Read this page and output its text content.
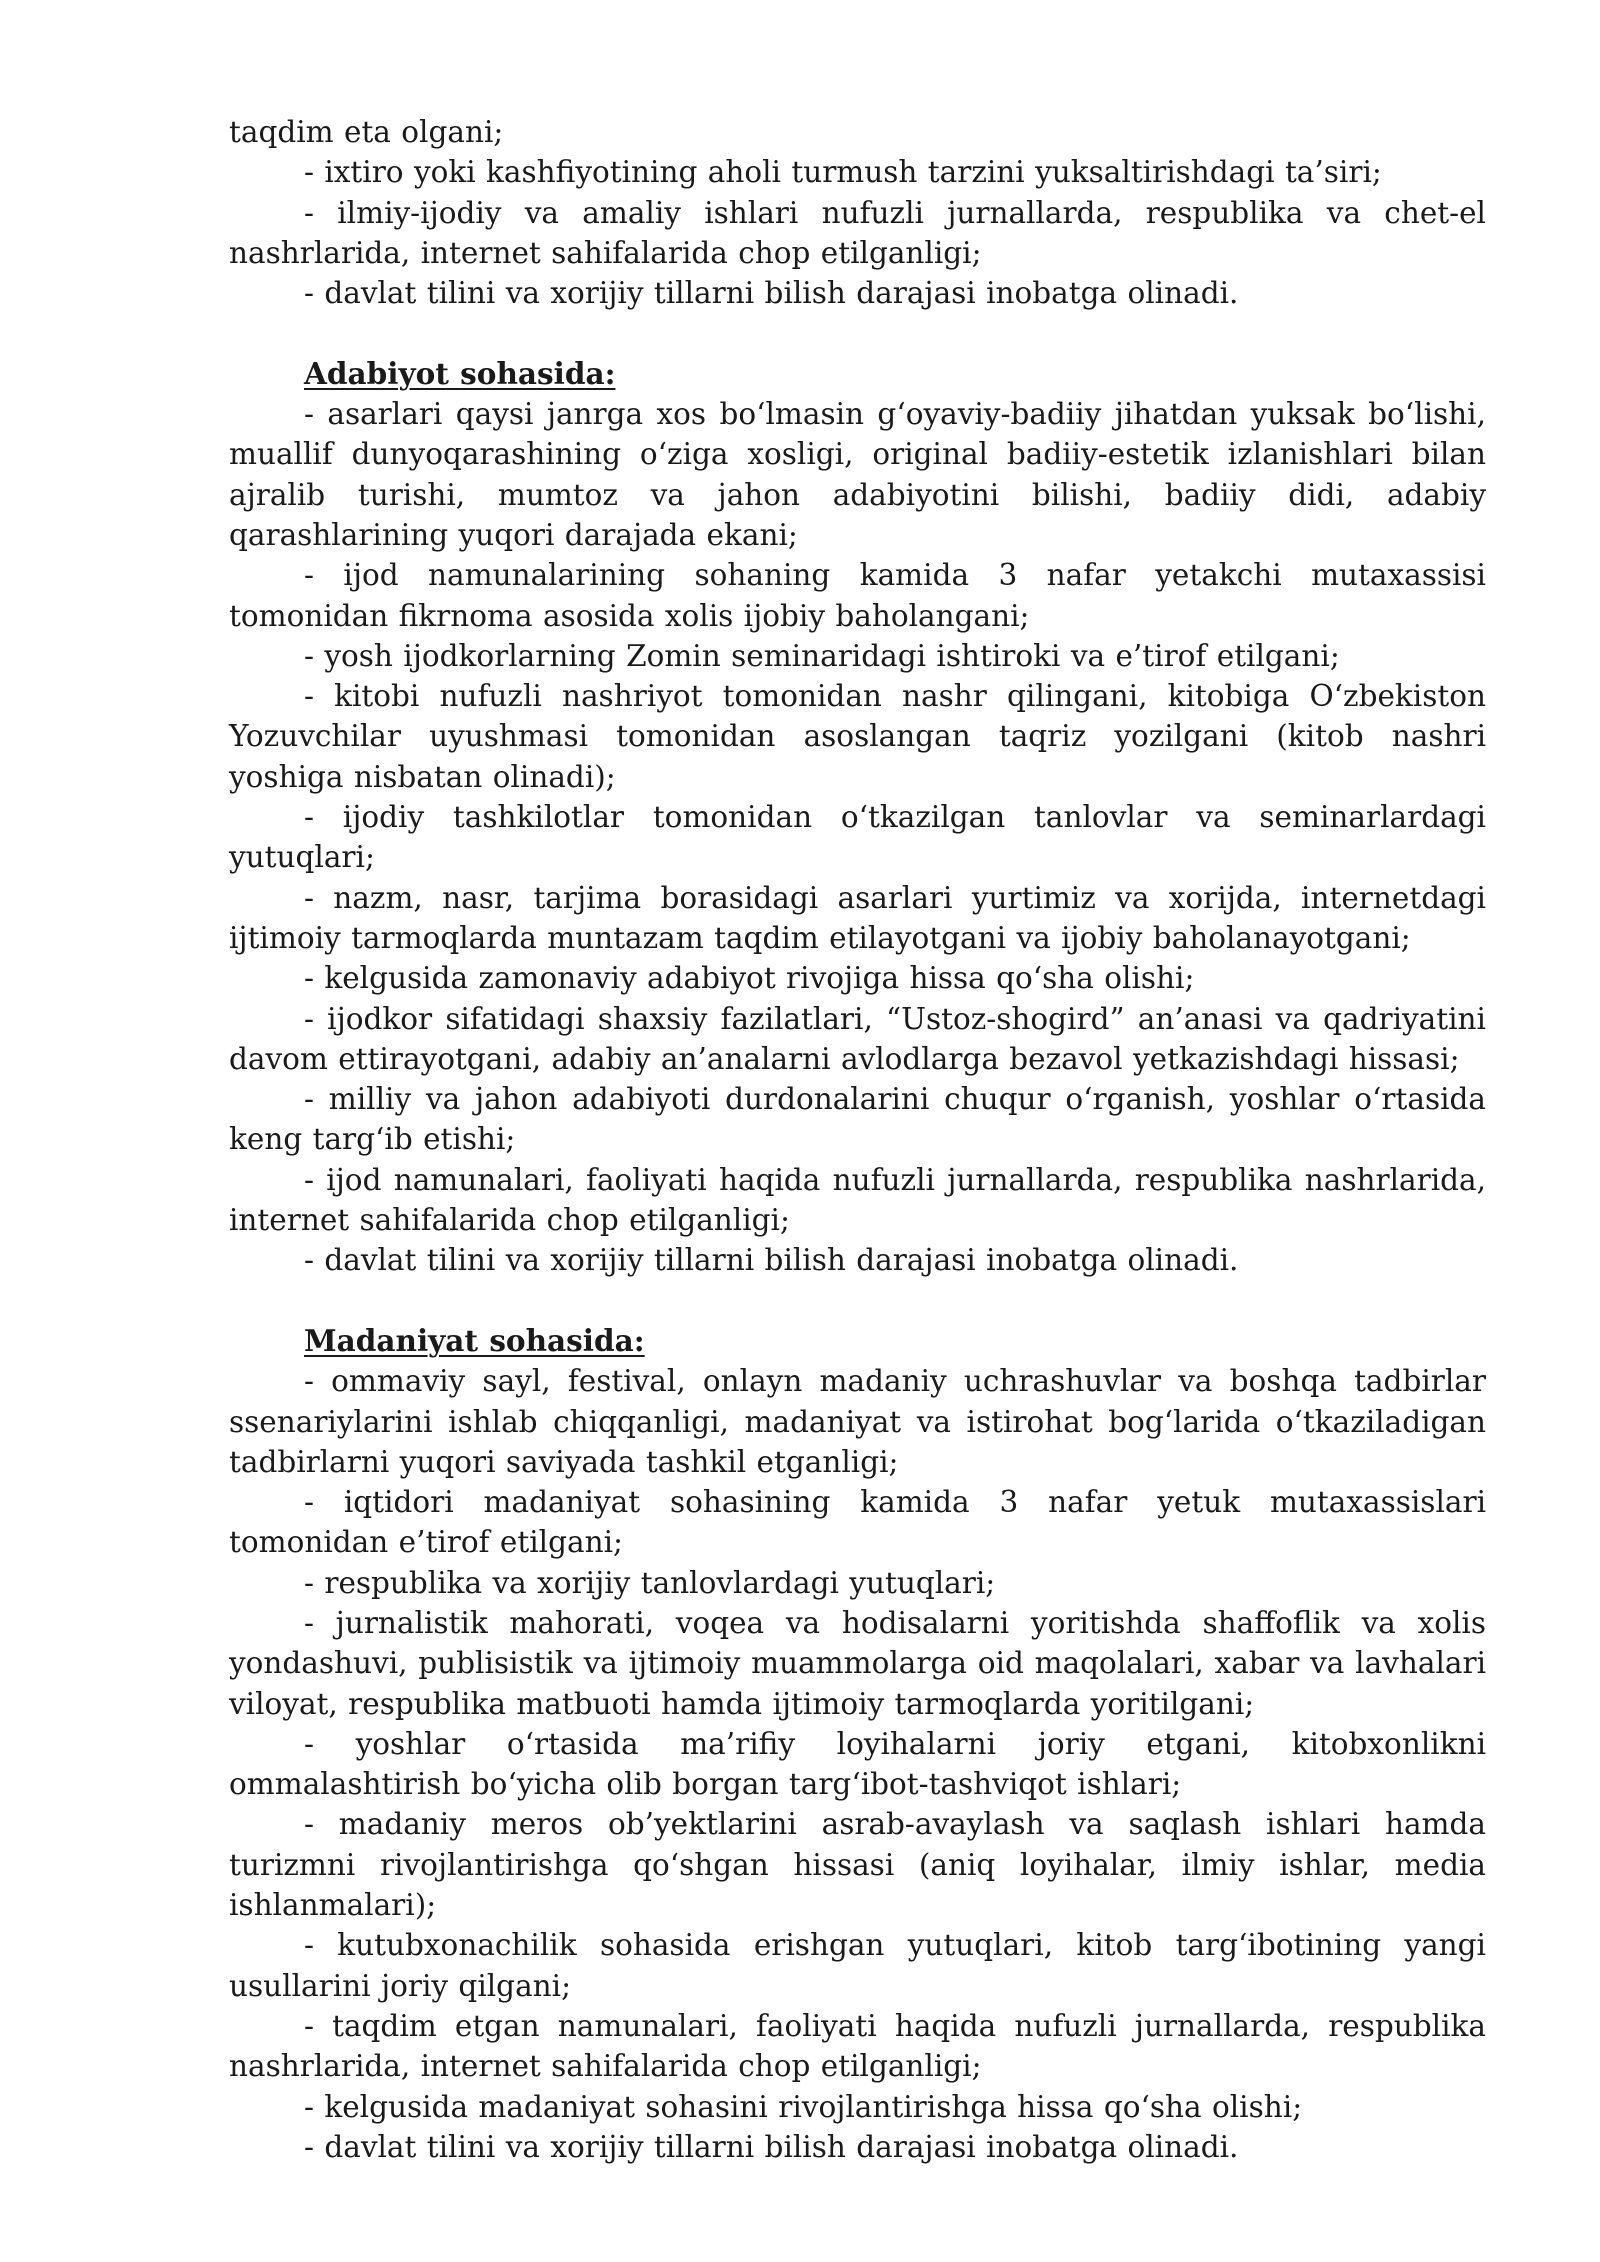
taqdim eta olgani;

- ixtiro yoki kashfiyotining aholi turmush tarzini yuksaltirishdagi ta’siri;

- ilmiy-ijodiy va amaliy ishlari nufuzli jurnallarda, respublika va chet-el nashrlarida, internet sahifalarida chop etilganligi;

- davlat tilini va xorijiy tillarni bilish darajasi inobatga olinadi.

Adabiyot sohasida:

- asarlari qaysi janrga xos bo‘lmasin g‘oyaviy-badiiy jihatdan yuksak bo‘lishi, muallif dunyoqarashining o‘ziga xosligi, original badiiy-estetik izlanishlari bilan ajralib turishi, mumtoz va jahon adabiyotini bilishi, badiiy didi, adabiy qarashlarining yuqori darajada ekani;

- ijod namunalarining sohaning kamida 3 nafar yetakchi mutaxassisi tomonidan fikrnoma asosida xolis ijobiy baholangani;

- yosh ijodkorlarning Zomin seminaridagi ishtiroki va e’tirof etilgani;

- kitobi nufuzli nashriyot tomonidan nashr qilingani, kitobiga O‘zbekiston Yozuvchilar uyushmasi tomonidan asoslangan taqriz yozilgani (kitob nashri yoshiga nisbatan olinadi);

- ijodiy tashkilotlar tomonidan o‘tkazilgan tanlovlar va seminarlardagi yutuqlari;

- nazm, nasr, tarjima borasidagi asarlari yurtimiz va xorijda, internetdagi ijtimoiy tarmoqlarda muntazam taqdim etilayotgani va ijobiy baholanayotgani;

- kelgusida zamonaviy adabiyot rivojiga hissa qo‘sha olishi;

- ijodkor sifatidagi shaxsiy fazilatlari, “Ustoz-shogird” an’anasi va qadriyatini davom ettirayotgani, adabiy an’analarni avlodlarga bezavol yetkazishdagi hissasi;

- milliy va jahon adabiyoti durdonalarini chuqur o‘rganish, yoshlar o‘rtasida keng targ‘ib etishi;

- ijod namunalari, faoliyati haqida nufuzli jurnallarda, respublika nashrlarida, internet sahifalarida chop etilganligi;

- davlat tilini va xorijiy tillarni bilish darajasi inobatga olinadi.

Madaniyat sohasida:

- ommaviy sayl, festival, onlayn madaniy uchrashuvlar va boshqa tadbirlar ssenariylarini ishlab chiqqanligi, madaniyat va istirohat bog‘larida o‘tkaziladigan tadbirlarni yuqori saviyada tashkil etganligi;

- iqtidori madaniyat sohasining kamida 3 nafar yetuk mutaxassislari tomonidan e’tirof etilgani;

- respublika va xorijiy tanlovlardagi yutuqlari;

- jurnalistik mahorati, voqea va hodisalarni yoritishda shaffoflik va xolis yondashuvi, publisistik va ijtimoiy muammolarga oid maqolalari, xabar va lavhalari viloyat, respublika matbuoti hamda ijtimoiy tarmoqlarda yoritilgani;

- yoshlar o‘rtasida ma’rifiy loyihalarni joriy etgani, kitobxonlikni ommalashtirish bo‘yicha olib borgan targ‘ibot-tashviqot ishlari;

- madaniy meros ob’yektlarini asrab-avaylash va saqlash ishlari hamda turizmni rivojlantirishga qo‘shgan hissasi (aniq loyihalar, ilmiy ishlar, media ishlanmalari);

- kutubxonachilik sohasida erishgan yutuqlari, kitob targ‘ibotining yangi usullarini joriy qilgani;

- taqdim etgan namunalari, faoliyati haqida nufuzli jurnallarda, respublika nashrlarida, internet sahifalarida chop etilganligi;

- kelgusida madaniyat sohasini rivojlantirishga hissa qo‘sha olishi;

- davlat tilini va xorijiy tillarni bilish darajasi inobatga olinadi.
